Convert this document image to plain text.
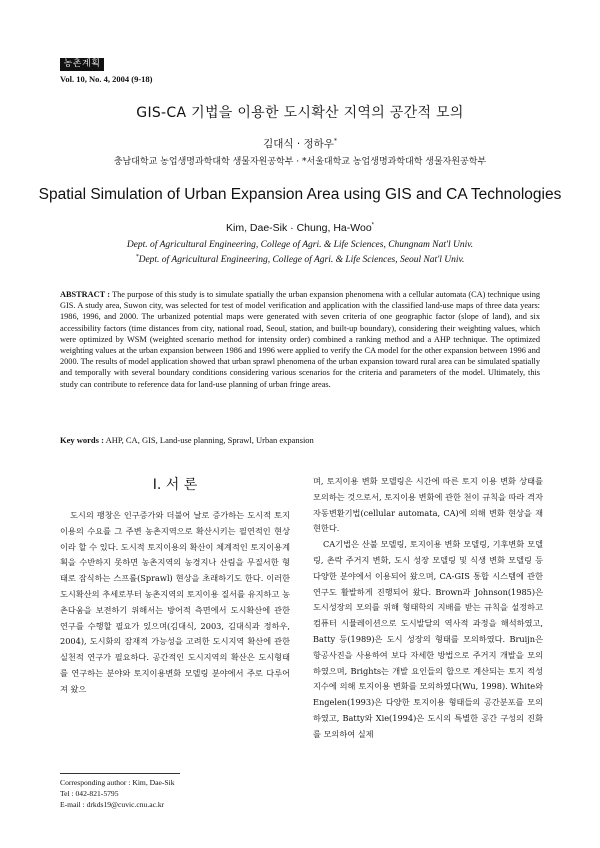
농촌계획
Vol. 10, No. 4, 2004 (9-18)
GIS-CA 기법을 이용한 도시확산 지역의 공간적 모의
김대식 · 정하우*
충남대학교 농업생명과학대학 생물자원공학부 · *서울대학교 농업생명과학대학 생물자원공학부
Spatial Simulation of Urban Expansion Area using GIS and CA Technologies
Kim, Dae-Sik · Chung, Ha-Woo*
Dept. of Agricultural Engineering, College of Agri. & Life Sciences, Chungnam Nat'l Univ.
*Dept. of Agricultural Engineering, College of Agri. & Life Sciences, Seoul Nat'l Univ.
ABSTRACT : The purpose of this study is to simulate spatially the urban expansion phenomena with a cellular automata (CA) technique using GIS. A study area, Suwon city, was selected for test of model verification and application with the classified land-use maps of three data years: 1986, 1996, and 2000. The urbanized potential maps were generated with seven criteria of one geographic factor (slope of land), and six accessibility factors (time distances from city, national road, Seoul, station, and built-up boundary), considering their weighting values, which were optimized by WSM (weighted scenario method for intensity order) combined a ranking method and a AHP technique. The optimized weighting values at the urban expansion between 1986 and 1996 were applied to verify the CA model for the other expansion between 1996 and 2000. The results of model application showed that urban sprawl phenomena of the urban expansion toward rural area can be simulated spatially and temporally with several boundary conditions considering various scenarios for the criteria and parameters of the model. Ultimately, this study can contribute to reference data for land-use planning of urban fringe areas.
Key words : AHP, CA, GIS, Land-use planning, Sprawl, Urban expansion
I. 서 론

도시의 팽창은 인구증가와 더불어 날로 증가하는 도시적 토지이용의 수요를 그 주변 농촌지역으로 확산시키는 필연적인 현상이라 할 수 있다. 도시적 토지이용의 확산이 체계적인 토지이용계획을 수반하지 못하면 농촌지역의 농경지나 산림을 무질서한 형태로 잠식하는 스프롤(Sprawl) 현상을 초래하기도 한다. 이러한 도시확산의 추세로부터 농촌지역의 토지이용 질서를 유지하고 농촌다움을 보전하기 위해서는 방어적 측면에서 도시확산에 관한 연구를 수행할 필요가 있으며(김대식, 2003, 김대식과 정하우, 2004), 도시화의 잠재적 가능성을 고려한 도시지역 확산에 관한 실천적 연구가 필요하다. 공간적인 도시지역의 확산은 도시형태를 연구하는 분야와 토지이용변화 모델링 분야에서 주로 다루어져 왔으

며, 토지이용 변화 모델링은 시간에 따른 토지 이용 변화 상태를 모의하는 것으로서, 토지이용 변화에 관한 천이 규칙을 따라 격자자동변환기법(cellular automata, CA)에 의해 변화 현상을 재현한다.

CA기법은 산불 모델링, 토지이용 변화 모델링, 기후변화 모델링, 촌락 주거지 변화, 도시 성장 모델링 및 식생 변화 모델링 등 다양한 분야에서 이용되어 왔으며, CA-GIS 통합 시스템에 관한 연구도 활발하게 진행되어 왔다. Brown과 Johnson(1985)은 도시성장의 모의를 위해 형태학의 지배를 받는 규칙을 설정하고 컴퓨터 시뮬레이션으로 도시발달의 역사적 과정을 해석하였고, Batty 등(1989)은 도시 성장의 형태를 모의하였다. Bruijn은 항공사진을 사용하여 보다 자세한 방법으로 주거지 개발을 모의하였으며, Brights는 개발 요인들의 합으로 계산되는 토지 적성 지수에 의해 토지이용 변화를 모의하였다(Wu, 1998). White와 Engelen(1993)은 다양한 토지이용 형태들의 공간분포를 모의하였고, Batty와 Xie(1994)은 도시의 특별한 공간 구성의 진화를 모의하여 실제

Corresponding author : Kim, Dae-Sik
Tel : 042-821-5795
E-mail : drkds19@cuvic.cnu.ac.kr
